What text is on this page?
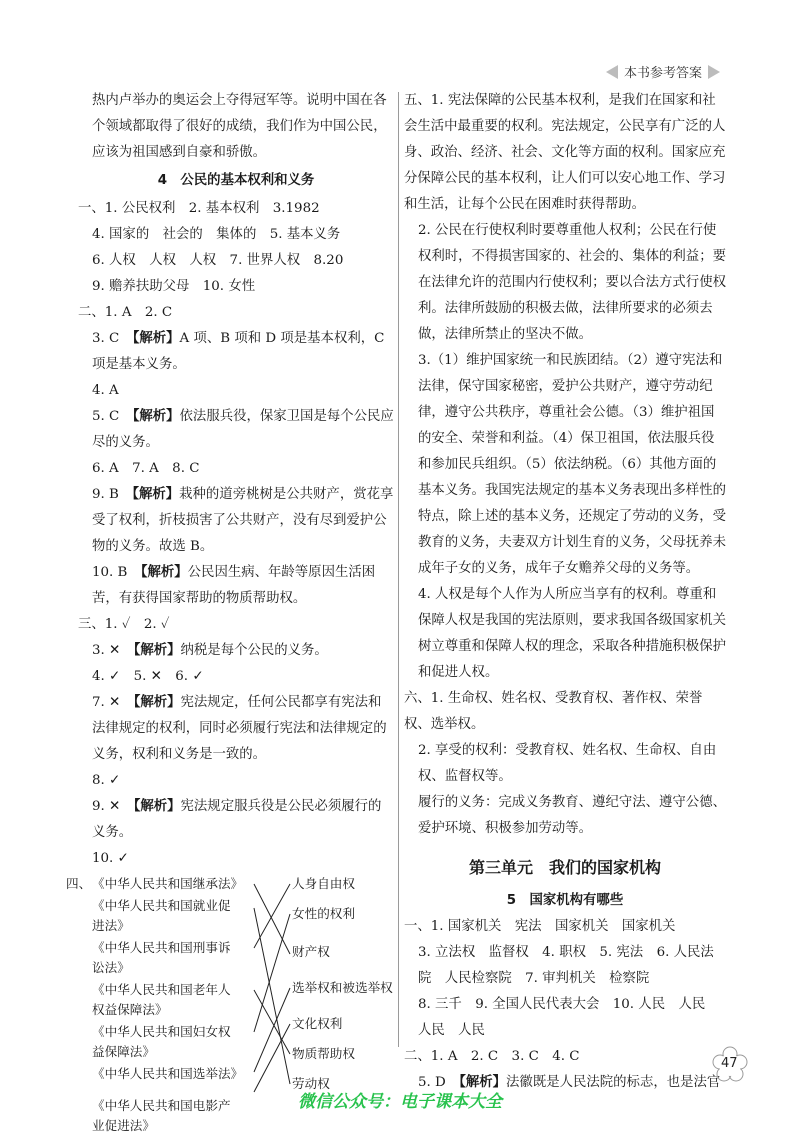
本书参考答案

热内卢举办的奥运会上夺得冠军等。说明中国在各个领域都取得了很好的成绩，我们作为中国公民，应该为祖国感到自豪和骄傲。

4　公民的基本权利和义务

一、1. 公民权利　2. 基本权利　3.1982

4. 国家的　社会的　集体的　5. 基本义务

6. 人权　人权　人权　7. 世界人权　8.20

9. 赡养扶助父母　10. 女性

二、1. A　2. C

3. C　【解析】A 项、B 项和 D 项是基本权利，C 项是基本义务。

4. A

5. C　【解析】依法服兵役，保家卫国是每个公民应尽的义务。

6. A　7. A　8. C

9. B　【解析】栽种的道旁桃树是公共财产，赏花享受了权利，折枝损害了公共财产，没有尽到爱护公物的义务。故选 B。

10. B　【解析】公民因生病、年龄等原因生活困苦，有获得国家帮助的物质帮助权。

三、1. ✓　2. ✓

3. ✕　【解析】纳税是每个公民的义务。

4. ✓　5. ✕　6. ✓

7. ✕　【解析】宪法规定，任何公民都享有宪法和法律规定的权利，同时必须履行宪法和法律规定的义务，权利和义务是一致的。

8. ✓

9. ✕　【解析】宪法规定服兵役是公民必须履行的义务。

10. ✓

四、 《中华人民共和国继承法》
《中华人民共和国就业促进法》
《中华人民共和国刑事诉讼法》
《中华人民共和国老年人权益保障法》
《中华人民共和国妇女权益保障法》
《中华人民共和国选举法》
人身自由权
女性的权利
财产权
选举权和被选举权
文化权利
物质帮助权
劳动权
《中华人民共和国电影产业促进法》

五、1. 宪法保障的公民基本权利，是我们在国家和社会生活中最重要的权利。宪法规定，公民享有广泛的人身、政治、经济、社会、文化等方面的权利。国家应充分保障公民的基本权利，让人们可以安心地工作、学习和生活，让每个公民在困难时获得帮助。

2. 公民在行使权利时要尊重他人权利；公民在行使权利时，不得损害国家的、社会的、集体的利益；要在法律允许的范围内行使权利；要以合法方式行使权利。法律所鼓励的积极去做，法律所要求的必须去做，法律所禁止的坚决不做。

3.（1）维护国家统一和民族团结。（2）遵守宪法和法律，保守国家秘密，爱护公共财产，遵守劳动纪律，遵守公共秩序，尊重社会公德。（3）维护祖国的安全、荣誉和利益。（4）保卫祖国，依法服兵役和参加民兵组织。（5）依法纳税。（6）其他方面的基本义务。我国宪法规定的基本义务表现出多样性的特点，除上述的基本义务，还规定了劳动的义务，受教育的义务，夫妻双方计划生育的义务，父母抚养未成年子女的义务，成年子女赡养父母的义务等。

4. 人权是每个人作为人所应当享有的权利。尊重和保障人权是我国的宪法原则，要求我国各级国家机关树立尊重和保障人权的理念，采取各种措施积极保护和促进人权。

六、1. 生命权、姓名权、受教育权、著作权、荣誉权、选举权。

2. 享受的权利：受教育权、姓名权、生命权、自由权、监督权等。

履行的义务：完成义务教育、遵纪守法、遵守公德、爱护环境、积极参加劳动等。

第三单元　我们的国家机构

5　国家机构有哪些

一、1. 国家机关　宪法　国家机关　国家机关

3. 立法权　监督权　4. 职权　5. 宪法　6. 人民法院　人民检察院　7. 审判机关　检察院

8. 三千　9. 全国人民代表大会　10. 人民　人民　人民　人民

二、1. A　2. C　3. C　4. C

5. D　【解析】法徽既是人民法院的标志，也是法官

47
微信公众号：电子课本大全
